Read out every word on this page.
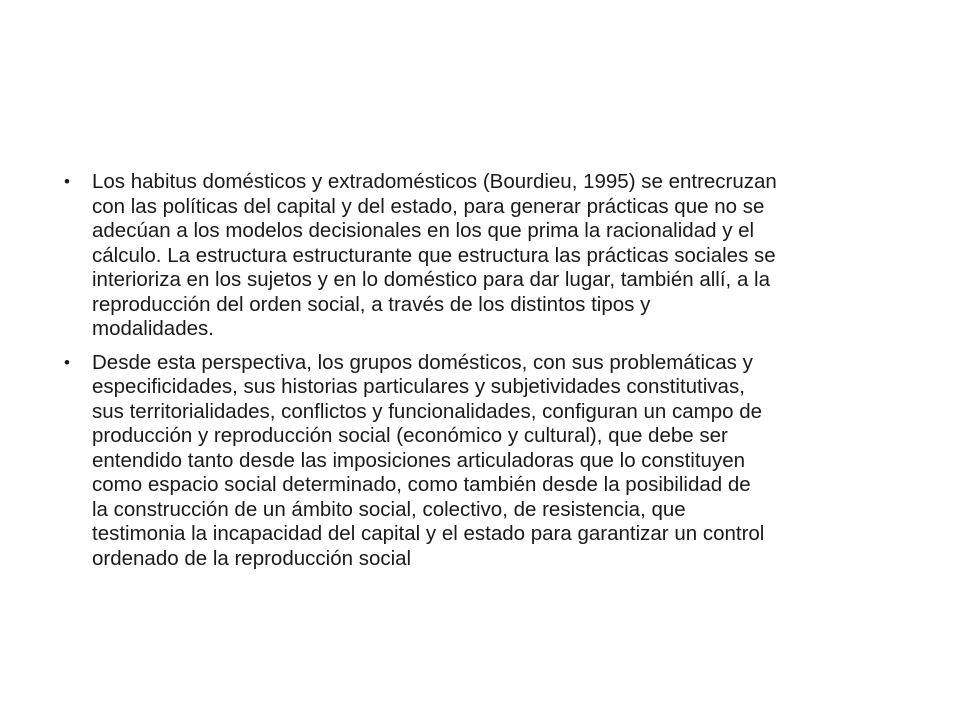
• Los habitus domésticos y extradomésticos (Bourdieu, 1995) se entrecruzan
con las políticas del capital y del estado, para generar prácticas que no se
adecúan a los modelos decisionales en los que prima la racionalidad y el
cálculo. La estructura estructurante que estructura las prácticas sociales se
interioriza en los sujetos y en lo doméstico para dar lugar, también allí, a la
reproducción del orden social, a través de los distintos tipos y
modalidades.
• Desde esta perspectiva, los grupos domésticos, con sus problemáticas y
especificidades, sus historias particulares y subjetividades constitutivas,
sus territorialidades, conflictos y funcionalidades, configuran un campo de
producción y reproducción social (económico y cultural), que debe ser
entendido tanto desde las imposiciones articuladoras que lo constituyen
como espacio social determinado, como también desde la posibilidad de
la construcción de un ámbito social, colectivo, de resistencia, que
testimonia la incapacidad del capital y el estado para garantizar un control
ordenado de la reproducción social
